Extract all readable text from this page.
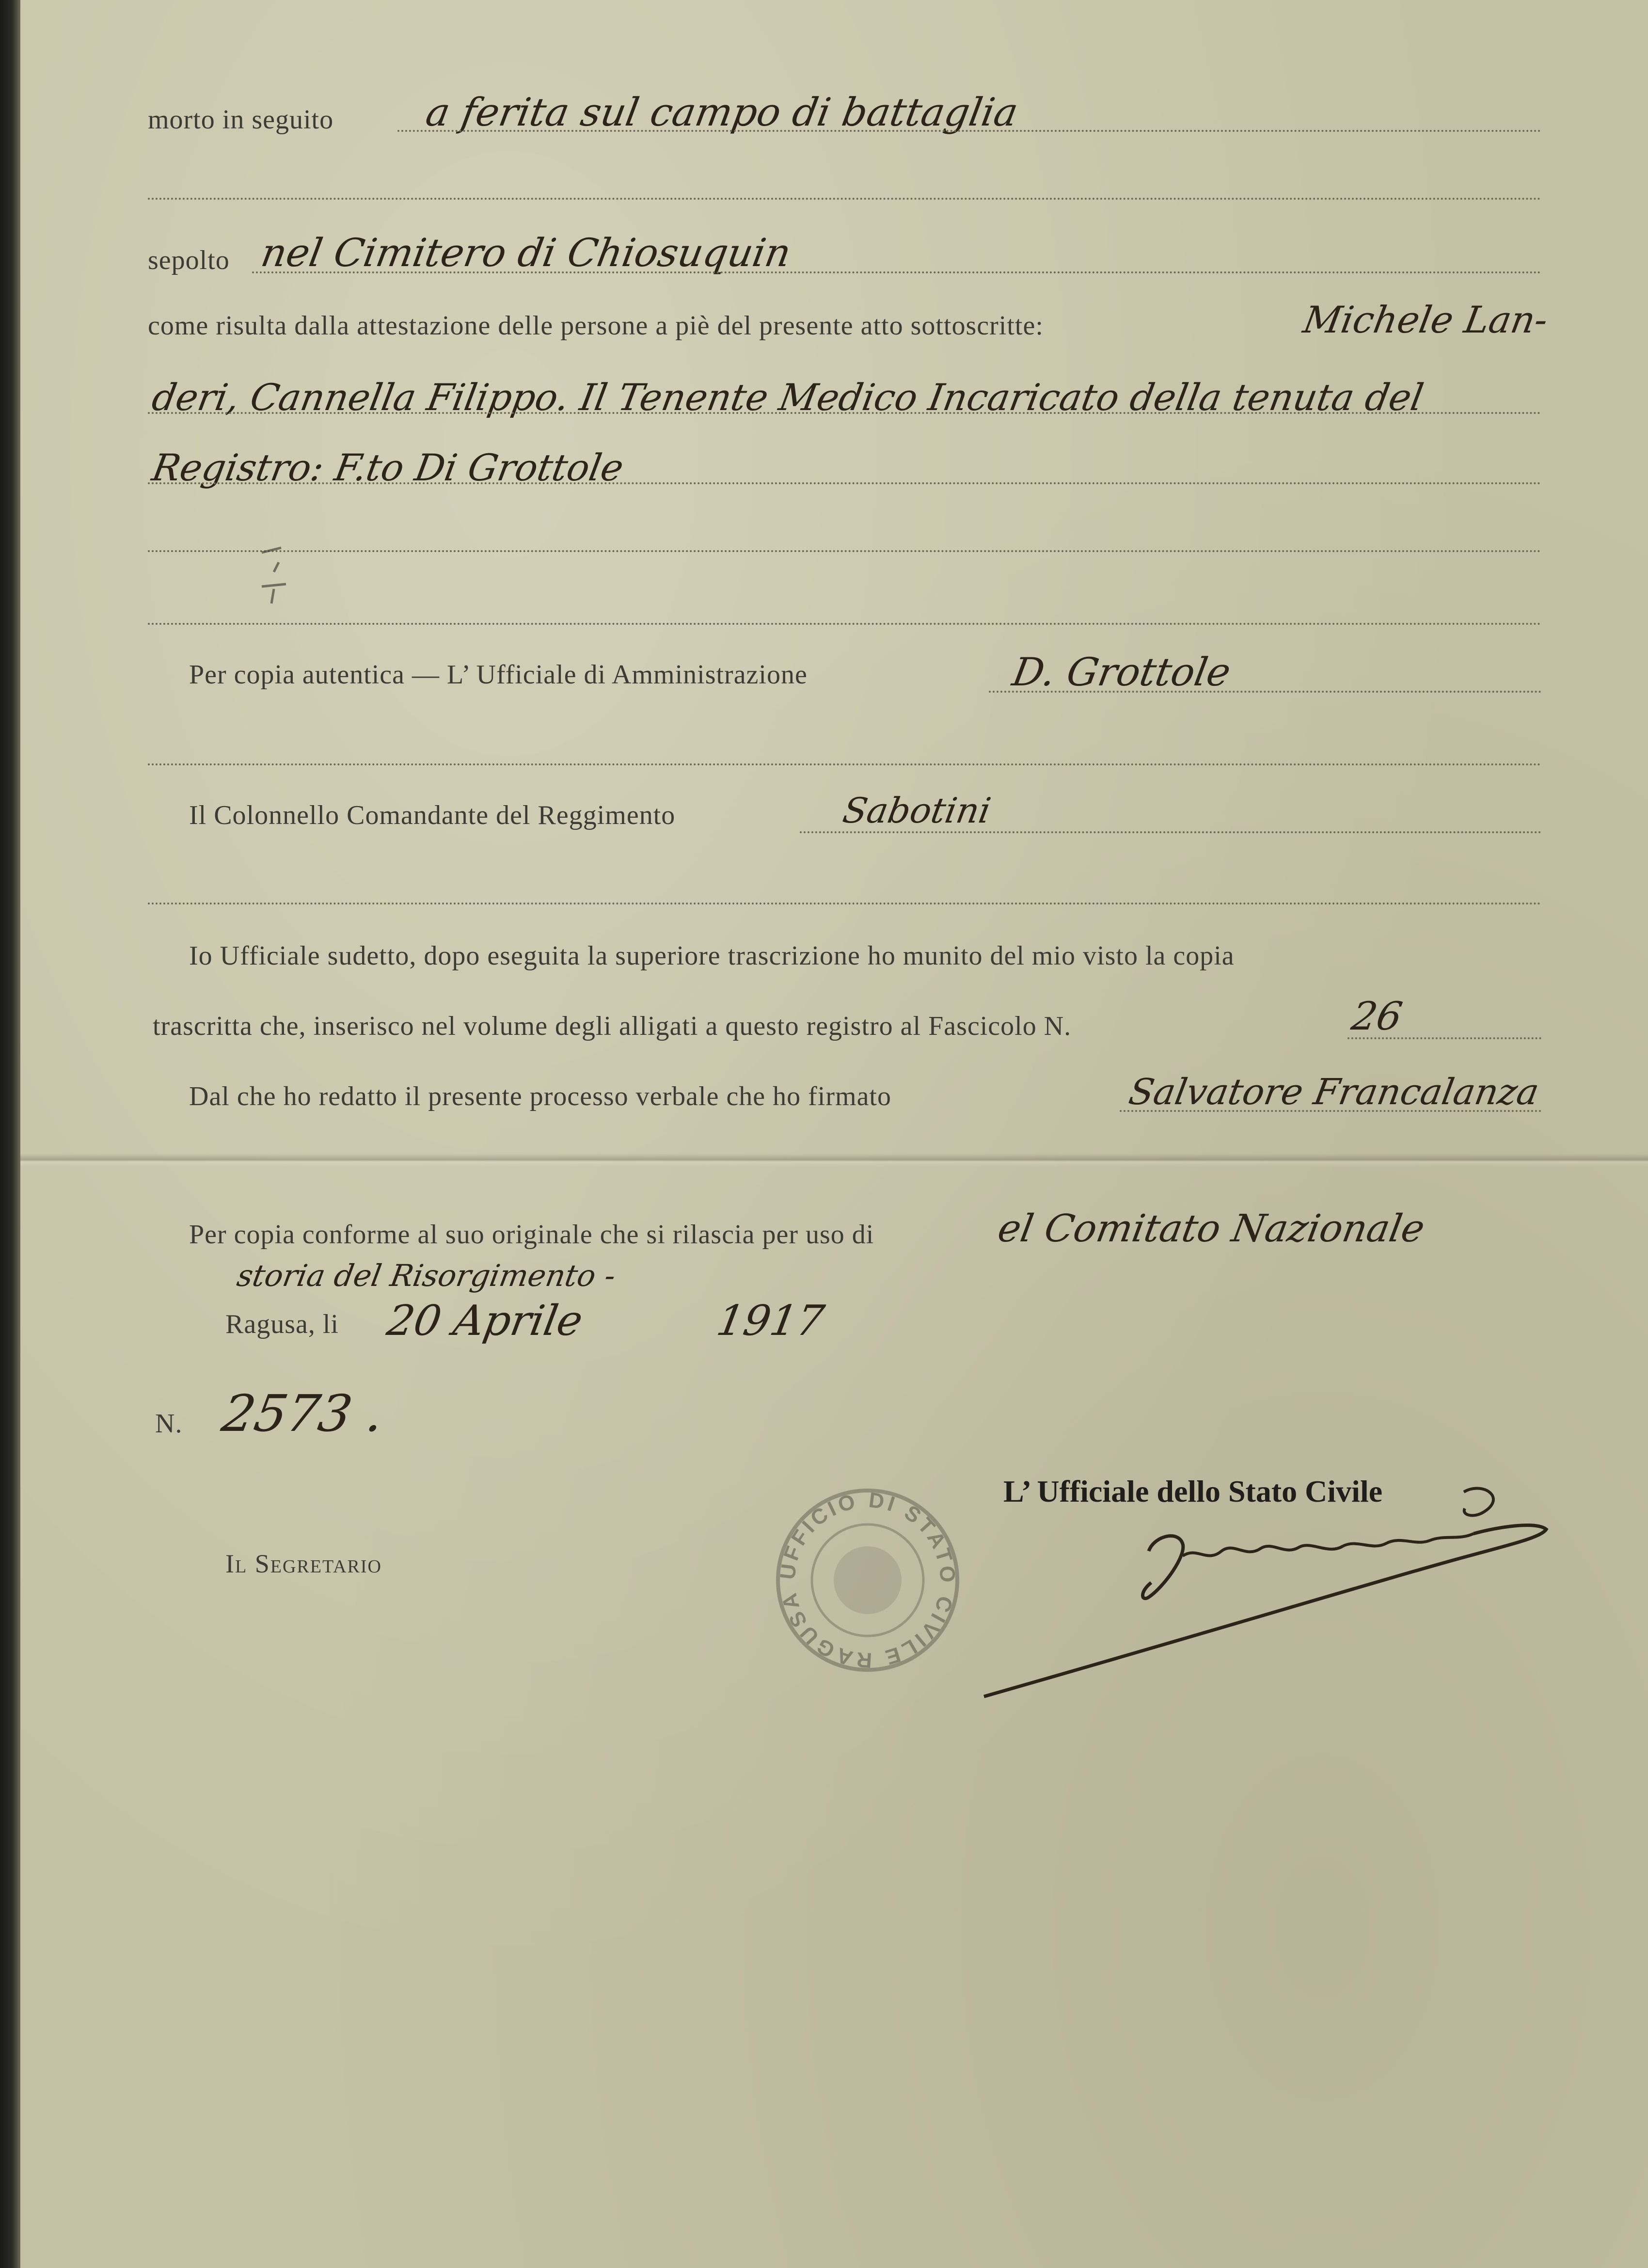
morto in seguito a ferita sul campo di battaglia
sepolto nel Cimitero di Chiosuquin
come risulta dalla attestazione delle persone a piè del presente atto sottoscritte:	Michele Lan-
deri, Cannella Filippo. Il Tenente Medico Incaricato della tenuta del
Registro: F.to Di Grottole
Per copia autentica — L’ Ufficiale di Amministrazione	D. Grottole
Il Colonnello Comandante del Reggimento	Sabotini
Io Ufficiale sudetto, dopo eseguita la superiore trascrizione ho munito del mio visto la copia
trascritta che, inserisco nel volume degli alligati a questo registro al Fascicolo N.	26
Dal che ho redatto il presente processo verbale che ho firmato	Salvatore Francalanza
Per copia conforme al suo originale che si rilascia per uso di	el Comitato Nazionale
storia del Risorgimento -
Ragusa, li 20 Aprile	1917
N. 2573 .
Il Segretario
L’ Ufficiale dello Stato Civile
UFFICIO DI STATO CIVILE RAGUSA
